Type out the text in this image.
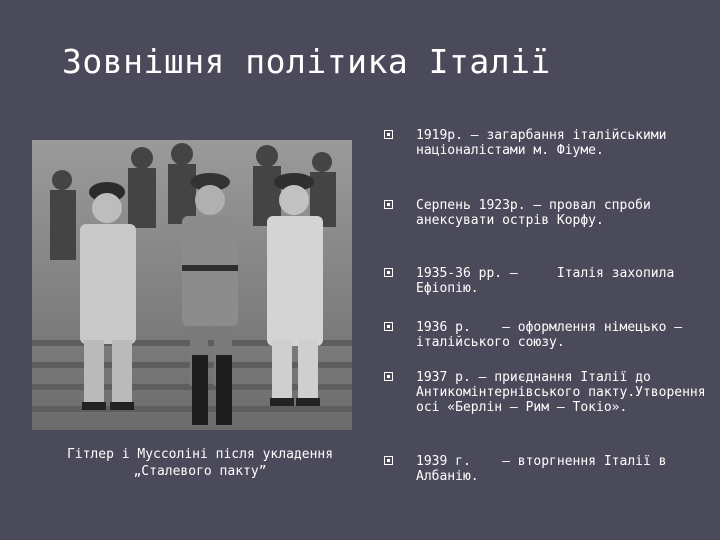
Зовнішня політика Італії
Гітлер і Муссоліні після укладення „Сталевого пакту”
1919р. – загарбання італійськими націоналістами м. Фіуме.
Серпень 1923р. – провал спроби анексувати острів Корфу.
1935-36 рр. –     Італія захопила Ефіопію.
1936 р.    – оформлення німецько – італійського союзу.
1937 р. – приєднання Італії до Антикомінтернівського пакту.Утворення осі «Берлін – Рим – Токіо».
1939 г.    – вторгнення Італії в Албанію.
